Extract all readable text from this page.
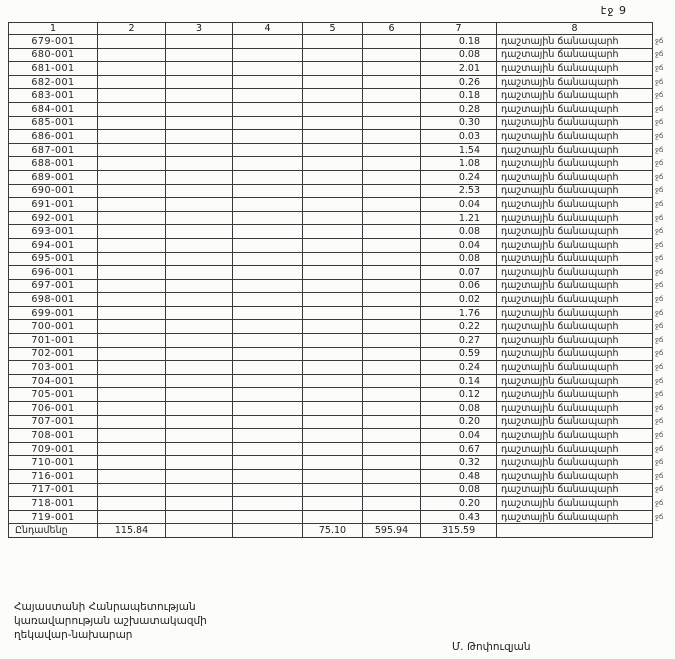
էջ 9
1	2	3	4	5	6	7	8	
679-001						0.18	դաշտային ճանապարհ	ջճ
680-001						0.08	դաշտային ճանապարհ	ջճ
681-001						2.01	դաշտային ճանապարհ	ջճ
682-001						0.26	դաշտային ճանապարհ	ջճ
683-001						0.18	դաշտային ճանապարհ	ջճ
684-001						0.28	դաշտային ճանապարհ	ջճ
685-001						0.30	դաշտային ճանապարհ	ջճ
686-001						0.03	դաշտային ճանապարհ	ջճ
687-001						1.54	դաշտային ճանապարհ	ջճ
688-001						1.08	դաշտային ճանապարհ	ջճ
689-001						0.24	դաշտային ճանապարհ	ջճ
690-001						2.53	դաշտային ճանապարհ	ջճ
691-001						0.04	դաշտային ճանապարհ	ջճ
692-001						1.21	դաշտային ճանապարհ	ջճ
693-001						0.08	դաշտային ճանապարհ	ջճ
694-001						0.04	դաշտային ճանապարհ	ջճ
695-001						0.08	դաշտային ճանապարհ	ջճ
696-001						0.07	դաշտային ճանապարհ	ջճ
697-001						0.06	դաշտային ճանապարհ	ջճ
698-001						0.02	դաշտային ճանապարհ	ջճ
699-001						1.76	դաշտային ճանապարհ	ջճ
700-001						0.22	դաշտային ճանապարհ	ջճ
701-001						0.27	դաշտային ճանապարհ	ջճ
702-001						0.59	դաշտային ճանապարհ	ջճ
703-001						0.24	դաշտային ճանապարհ	ջճ
704-001						0.14	դաշտային ճանապարհ	ջճ
705-001						0.12	դաշտային ճանապարհ	ջճ
706-001						0.08	դաշտային ճանապարհ	ջճ
707-001						0.20	դաշտային ճանապարհ	ջճ
708-001						0.04	դաշտային ճանապարհ	ջճ
709-001						0.67	դաշտային ճանապարհ	ջճ
710-001						0.32	դաշտային ճանապարհ	ջճ
716-001						0.48	դաշտային ճանապարհ	ջճ
717-001						0.08	դաշտային ճանապարհ	ջճ
718-001						0.20	դաշտային ճանապարհ	ջճ
719-001						0.43	դաշտային ճանապարհ	ջճ
Ընդամենը	115.84			75.10	595.94	315.59		
Հայաստանի Հանրապետության
կառավարության աշխատակազմի
ղեկավար-նախարար
Մ. Թոփուզյան
